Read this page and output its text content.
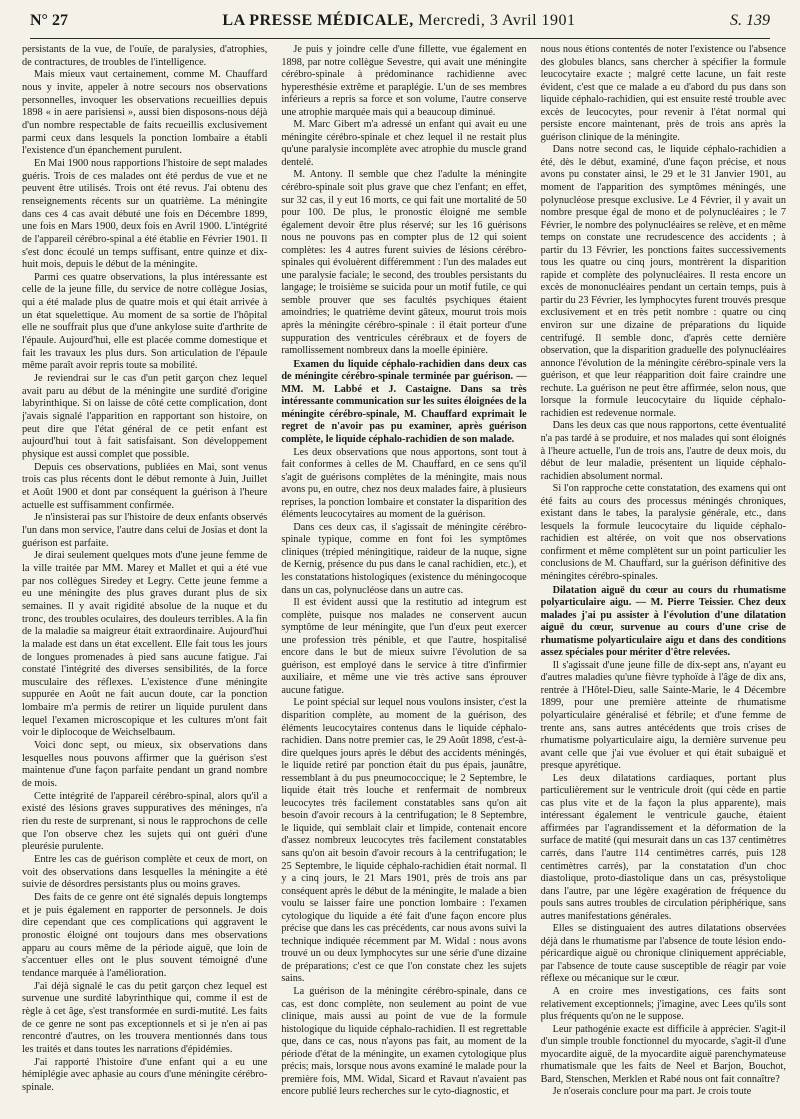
N° 27	LA PRESSE MÉDICALE, Mercredi, 3 Avril 1901	S. 139

persistants de la vue, de l'ouïe, de paralysies, d'atrophies, de contractures, de troubles de l'intelligence.

Mais mieux vaut certainement, comme M. Chauffard nous y invite, appeler à notre secours nos observations personnelles, invoquer les observations recueillies depuis 1898 « in aere parisiensi », aussi bien disposons-nous déjà d'un nombre respectable de faits recueillis exclusivement parmi ceux dans lesquels la ponction lombaire a établi l'existence d'un épanchement purulent.

En Mai 1900 nous rapportions l'histoire de sept malades guéris. Trois de ces malades ont été perdus de vue et ne peuvent être utilisés. Trois ont été revus. J'ai obtenu des renseignements récents sur un quatrième. La méningite dans ces 4 cas avait débuté une fois en Décembre 1899, une fois en Mars 1900, deux fois en Avril 1900. L'intégrité de l'appareil cérébro-spinal a été établie en Février 1901. Il s'est donc écoulé un temps suffisant, entre quinze et dix-huit mois, depuis le début de la méningite.

Parmi ces quatre observations, la plus intéressante est celle de la jeune fille, du service de notre collègue Josias, qui a été malade plus de quatre mois et qui était arrivée à un état squelettique. Au moment de sa sortie de l'hôpital elle ne souffrait plus que d'une ankylose suite d'arthrite de l'épaule. Aujourd'hui, elle est placée comme domestique et fait les travaux les plus durs. Son articulation de l'épaule même paraît avoir repris toute sa mobilité.

Je reviendrai sur le cas d'un petit garçon chez lequel avait paru au début de la méningite une surdité d'origine labyrinthique. Si on laisse de côté cette complication, dont j'avais signalé l'apparition en rapportant son histoire, on peut dire que l'état général de ce petit enfant est aujourd'hui tout à fait satisfaisant. Son développement physique est aussi complet que possible.

Depuis ces observations, publiées en Mai, sont venus trois cas plus récents dont le début remonte à Juin, Juillet et Août 1900 et dont par conséquent la guérison à l'heure actuelle est suffisamment confirmée.

Je n'insisterai pas sur l'histoire de deux enfants observés l'un dans mon service, l'autre dans celui de Josias et dont la guérison est parfaite.

Je dirai seulement quelques mots d'une jeune femme de la ville traitée par MM. Marey et Mallet et qui a été vue par nos collègues Siredey et Legry. Cette jeune femme a eu une méningite des plus graves durant plus de six semaines. Il y avait rigidité absolue de la nuque et du tronc, des troubles oculaires, des douleurs terribles. A la fin de la maladie sa maigreur était extraordinaire. Aujourd'hui la malade est dans un état excellent. Elle fait tous les jours de longues promenades à pied sans aucune fatigue. J'ai constaté l'intégrité des diverses sensibilités, de la force musculaire des réflexes. L'existence d'une méningite suppurée en Août ne fait aucun doute, car la ponction lombaire m'a permis de retirer un liquide purulent dans lequel l'examen microscopique et les cultures m'ont fait voir le diplocoque de Weichselbaum.

Voici donc sept, ou mieux, six observations dans lesquelles nous pouvons affirmer que la guérison s'est maintenue d'une façon parfaite pendant un grand nombre de mois.

Cette intégrité de l'appareil cérébro-spinal, alors qu'il a existé des lésions graves suppuratives des méninges, n'a rien du reste de surprenant, si nous le rapprochons de celle que l'on observe chez les sujets qui ont guéri d'une pleurésie purulente.

Entre les cas de guérison complète et ceux de mort, on voit des observations dans lesquelles la méningite a été suivie de désordres persistants plus ou moins graves.

Des faits de ce genre ont été signalés depuis longtemps et je puis également en rapporter de personnels. Je dois dire cependant que ces complications qui aggravent le pronostic éloigné ont toujours dans mes observations apparu au cours même de la période aiguë, que loin de s'accentuer elles ont le plus souvent témoigné d'une tendance marquée à l'amélioration.

J'ai déjà signalé le cas du petit garçon chez lequel est survenue une surdité labyrinthique qui, comme il est de règle à cet âge, s'est transformée en surdi-mutité. Les faits de ce genre ne sont pas exceptionnels et si je n'en ai pas rencontré d'autres, on les trouvera mentionnés dans tous les traités et dans toutes les narrations d'épidémies.

J'ai rapporté l'histoire d'une enfant qui a eu une hémiplégie avec aphasie au cours d'une méningite cérébro-spinale.

Je puis y joindre celle d'une fillette, vue également en 1898, par notre collègue Sevestre, qui avait une méningite cérébro-spinale à prédominance rachidienne avec hyperesthésie extrême et paraplégie. L'un de ses membres inférieurs a repris sa force et son volume, l'autre conserve une atrophie marquée mais qui a beaucoup diminué.

M. Marc Gibert m'a adressé un enfant qui avait eu une méningite cérébro-spinale et chez lequel il ne restait plus qu'une paralysie incomplète avec atrophie du muscle grand dentelé.

M. Antony. Il semble que chez l'adulte la méningite cérébro-spinale soit plus grave que chez l'enfant; en effet, sur 32 cas, il y eut 16 morts, ce qui fait une mortalité de 50 pour 100. De plus, le pronostic éloigné me semble également devoir être plus réservé; sur les 16 guérisons nous ne pouvons pas en compter plus de 12 qui soient complètes: les 4 autres furent suivies de lésions cérébro-spinales qui évoluèrent différemment : l'un des malades eut une paralysie faciale; le second, des troubles persistants du langage; le troisième se suicida pour un motif futile, ce qui semble prouver que ses facultés psychiques étaient amoindries; le quatrième devint gâteux, mourut trois mois après la méningite cérébro-spinale : il était porteur d'une suppuration des ventricules cérébraux et de foyers de ramollissement nombreux dans la moelle épinière.

Examen du liquide céphalo-rachidien dans deux cas de méningite cérébro-spinale terminée par guérison. — MM. M. Labbé et J. Castaigne. Dans sa très intéressante communication sur les suites éloignées de la méningite cérébro-spinale, M. Chauffard exprimait le regret de n'avoir pas pu examiner, après guérison complète, le liquide céphalo-rachidien de son malade.

Les deux observations que nous apportons, sont tout à fait conformes à celles de M. Chauffard, en ce sens qu'il s'agit de guérisons complètes de la méningite, mais nous avons pu, en outre, chez nos deux malades faire, à plusieurs reprises, la ponction lombaire et constater la disparition des éléments leucocytaires au moment de la guérison.

Dans ces deux cas, il s'agissait de méningite cérébro-spinale typique, comme en font foi les symptômes cliniques (trépied méningitique, raideur de la nuque, signe de Kernig, présence du pus dans le canal rachidien, etc.), et les constatations histologiques (existence du méningocoque dans un cas, polynucléose dans un autre cas.

Il est évident aussi que la restitutio ad integrum est complète, puisque nos malades ne conservent aucun symptôme de leur méningite, que l'un d'eux peut exercer une profession très pénible, et que l'autre, hospitalisé encore dans le but de mieux suivre l'évolution de sa guérison, est employé dans le service à titre d'infirmier auxiliaire, et même une vie très active sans éprouver aucune fatigue.

Le point spécial sur lequel nous voulons insister, c'est la disparition complète, au moment de la guérison, des éléments leucocytaires contenus dans le liquide céphalo-rachidien. Dans notre premier cas, le 29 Août 1898, c'est-à-dire quelques jours après le début des accidents méningés, le liquide retiré par ponction était du pus épais, jaunâtre, ressemblant à du pus pneumococcique; le 2 Septembre, le liquide était très louche et renfermait de nombreux leucocytes très facilement constatables sans qu'on ait besoin d'avoir recours à la centrifugation; le 8 Septembre, le liquide, qui semblait clair et limpide, contenait encore d'assez nombreux leucocytes très facilement constatables sans qu'on ait besoin d'avoir recours à la centrifugation; le 25 Septembre, le liquide céphalo-rachidien était normal. Il y a cinq jours, le 21 Mars 1901, près de trois ans par conséquent après le début de la méningite, le malade a bien voulu se laisser faire une ponction lombaire : l'examen cytologique du liquide a été fait d'une façon encore plus précise que dans les cas précédents, car nous avons suivi la technique indiquée récemment par M. Widal : nous avons trouvé un ou deux lymphocytes sur une série d'une dizaine de préparations; c'est ce que l'on constate chez les sujets sains.

La guérison de la méningite cérébro-spinale, dans ce cas, est donc complète, non seulement au point de vue clinique, mais aussi au point de vue de la formule histologique du liquide céphalo-rachidien. Il est regrettable que, dans ce cas, nous n'ayons pas fait, au moment de la période d'état de la méningite, un examen cytologique plus précis; mais, lorsque nous avons examiné le malade pour la première fois, MM. Widal, Sicard et Ravaut n'avaient pas encore publié leurs recherches sur le cyto-diagnostic, et

nous nous étions contentés de noter l'existence ou l'absence des globules blancs, sans chercher à spécifier la formule leucocytaire exacte ; malgré cette lacune, un fait reste évident, c'est que ce malade a eu d'abord du pus dans son liquide céphalo-rachidien, qui est ensuite resté trouble avec excès de leucocytes, pour revenir à l'état normal qui persiste encore maintenant, près de trois ans après la guérison clinique de la méningite.

Dans notre second cas, le liquide céphalo-rachidien a été, dès le début, examiné, d'une façon précise, et nous avons pu constater ainsi, le 29 et le 31 Janvier 1901, au moment de l'apparition des symptômes méningés, une polynucléose presque exclusive. Le 4 Février, il y avait un nombre presque égal de mono et de polynucléaires ; le 7 Février, le nombre des polynucléaires se relève, et en même temps on constate une recrudescence des accidents ; à partir du 13 Février, les ponctions faites successivements tous les quatre ou cinq jours, montrèrent la disparition rapide et complète des polynucléaires. Il resta encore un excès de mononucléaires pendant un certain temps, puis à partir du 23 Février, les lymphocytes furent trouvés presque exclusivement et en très petit nombre : quatre ou cinq environ sur une dizaine de préparations du liquide centrifugé. Il semble donc, d'après cette dernière observation, que la disparition graduelle des polynucléaires annonce l'évolution de la méningite cérébro-spinale vers la guérison, et que leur réapparition doit faire craindre une rechute. La guérison ne peut être affirmée, selon nous, que lorsque la formule leucocytaire du liquide céphalo-rachidien est redevenue normale.

Dans les deux cas que nous rapportons, cette éventualité n'a pas tardé à se produire, et nos malades qui sont éloignés à l'heure actuelle, l'un de trois ans, l'autre de deux mois, du début de leur maladie, présentent un liquide céphalo-rachidien absolument normal.

Si l'on rapproche cette constatation, des examens qui ont été faits au cours des processus méningés chroniques, existant dans le tabes, la paralysie générale, etc., dans lesquels la formule leucocytaire du liquide céphalo-rachidien est altérée, on voit que nos observations confirment et même complètent sur un point particulier les conclusions de M. Chauffard, sur la guérison définitive des méningites cérébro-spinales.

Dilatation aiguë du cœur au cours du rhumatisme polyarticulaire aigu. — M. Pierre Teissier. Chez deux malades j'ai pu assister à l'évolution d'une dilatation aiguë du cœur, survenue au cours d'une crise de rhumatisme polyarticulaire aigu et dans des conditions assez spéciales pour mériter d'être relevées.

Il s'agissait d'une jeune fille de dix-sept ans, n'ayant eu d'autres maladies qu'une fièvre typhoïde à l'âge de dix ans, rentrée à l'Hôtel-Dieu, salle Sainte-Marie, le 4 Décembre 1899, pour une première atteinte de rhumatisme polyarticulaire généralisé et fébrile; et d'une femme de trente ans, sans autres antécédents que trois crises de rhumatisme polyarticulaire aigu, la dernière survenue peu avant celle que j'ai vue évoluer et qui était subaiguë et presque apyrétique.

Les deux dilatations cardiaques, portant plus particulièrement sur le ventricule droit (qui cède en partie cas plus vite et de la façon la plus apparente), mais intéressant également le ventricule gauche, étaient affirmées par l'agrandissement et la déformation de la surface de matité (qui mesurait dans un cas 137 centimètres carrés, dans l'autre 114 centimètres carrés, puis 128 centimètres carrés), par la constatation d'un choc diastolique, proto-diastolique dans un cas, présystolique dans l'autre, par une légère exagération de fréquence du pouls sans autres troubles de circulation périphérique, sans autres manifestations générales.

Elles se distinguaient des autres dilatations observées déjà dans le rhumatisme par l'absence de toute lésion endo-péricardique aiguë ou chronique cliniquement appréciable, par l'absence de toute cause susceptible de réagir par voie réflexe ou mécanique sur le cœur.

A en croire mes investigations, ces faits sont relativement exceptionnels; j'imagine, avec Lees qu'ils sont plus fréquents qu'on ne le suppose.

Leur pathogénie exacte est difficile à apprécier. S'agit-il d'un simple trouble fonctionnel du myocarde, s'agit-il d'une myocardite aiguë, de la myocardite aiguë parenchymateuse rhumatismale que les faits de Neel et Barjon, Bouchot, Bard, Stenschen, Merklen et Rabé nous ont fait connaître?

Je n'oserais conclure pour ma part. Je crois toute
